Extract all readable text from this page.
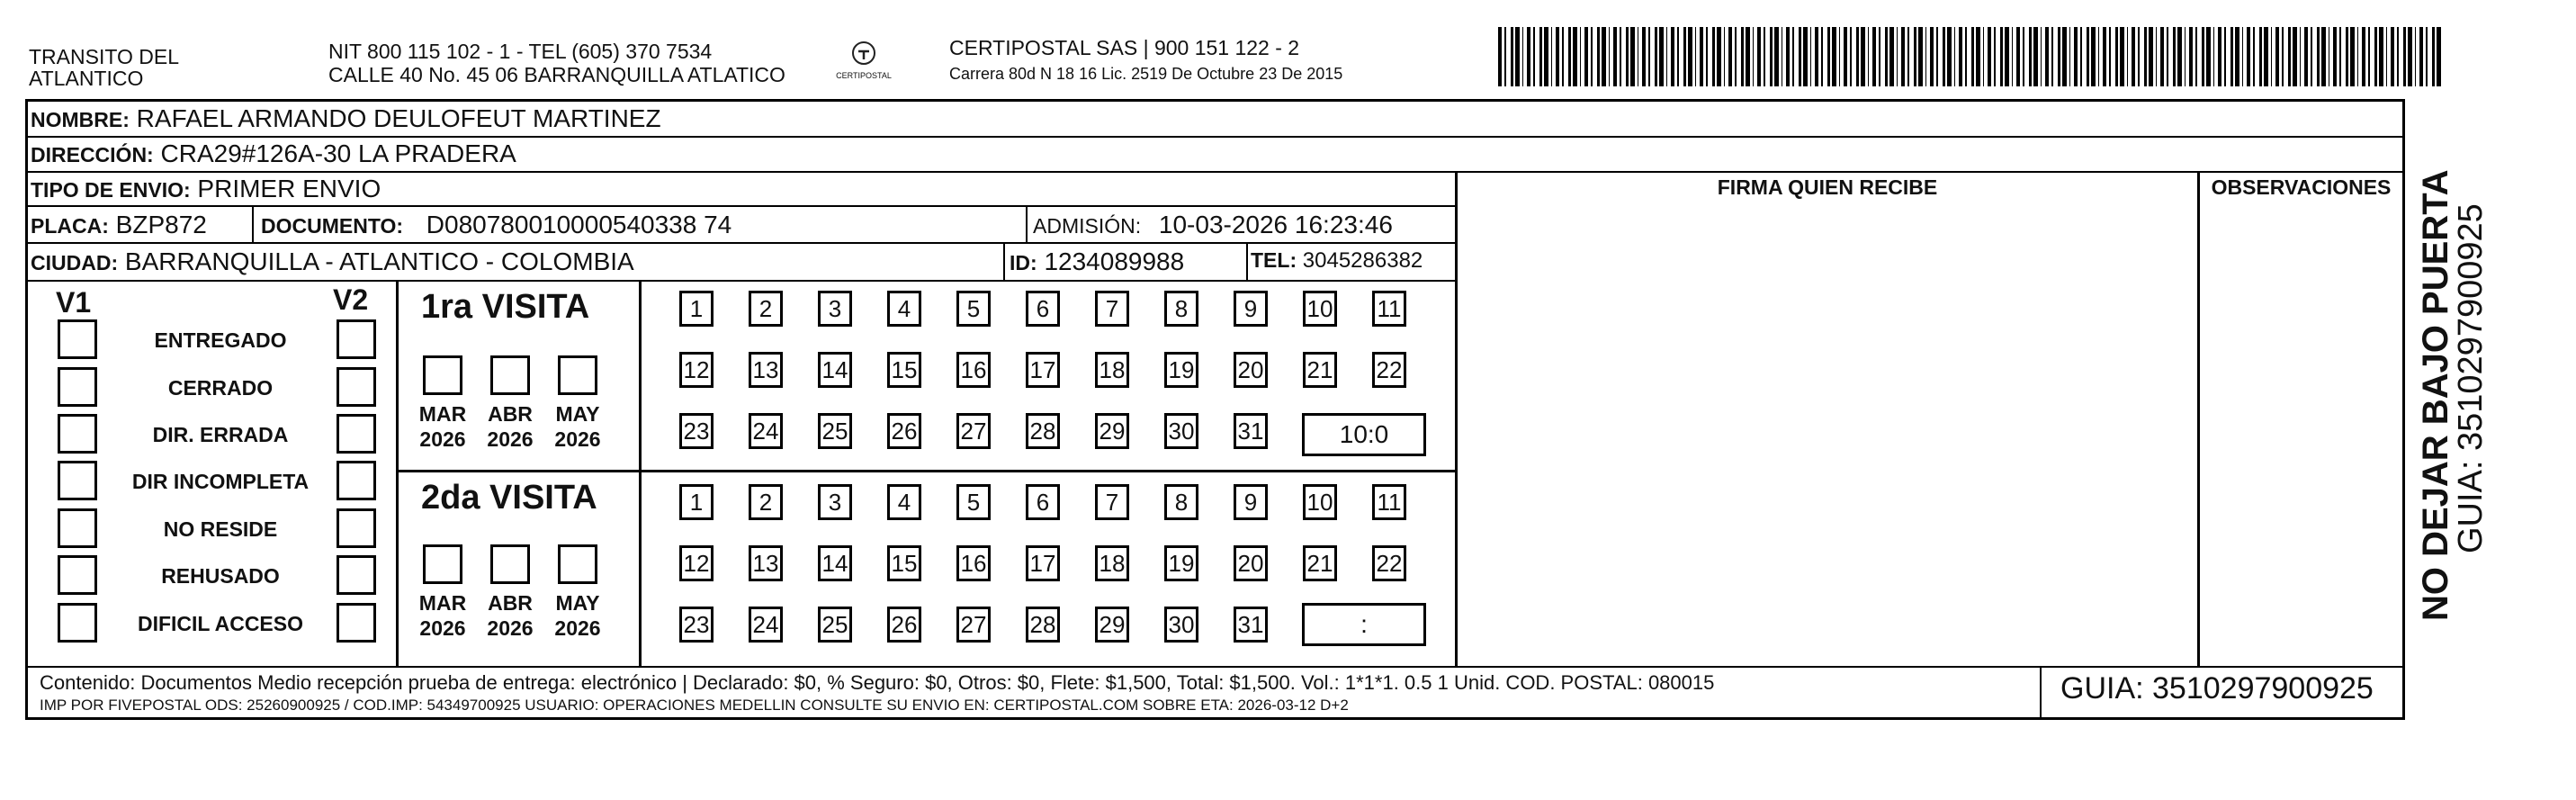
TRANSITO DEL
ATLANTICO
NIT 800 115 102 - 1 - TEL (605) 370 7534
CALLE 40 No. 45 06 BARRANQUILLA ATLATICO	CERTIPOSTAL
CERTIPOSTAL SAS | 900 151 122 - 2
Carrera 80d N 18 16 Lic. 2519 De Octubre 23 De 2015
NOMBRE: RAFAEL ARMANDO DEULOFEUT MARTINEZ
DIRECCIÓN: CRA29#126A-30 LA PRADERA
TIPO DE ENVIO: PRIMER ENVIO
PLACA: BZP872	DOCUMENTO: D080780010000540338 74	ADMISIÓN: 10-03-2026 16:23:46
CIUDAD: BARRANQUILLA - ATLANTICO - COLOMBIA	ID: 1234089988	TEL: 3045286382
FIRMA QUIEN RECIBE	OBSERVACIONES
V1	V2
ENTREGADO
CERRADO
DIR. ERRADA
DIR INCOMPLETA
NO RESIDE
REHUSADO
DIFICIL ACCESO
1ra VISITA
2da VISITA
MAR
2026
ABR
2026
MAY
2026
MAR
2026
ABR
2026
MAY
2026
1	2	3	4	5	6	7	8	9	10 11
12 13 14 15 16 17 18 19 20 21 22
23 24 25 26 27 28 29 30 31
1	2	3	4	5	6	7	8	9	10 11
12 13 14 15 16 17 18 19 20 21 22
23 24 25 26 27 28 29 30 31
10:0
:
Contenido: Documentos Medio recepción prueba de entrega: electrónico | Declarado: $0, % Seguro: $0, Otros: $0, Flete: $1,500, Total: $1,500. Vol.: 1*1*1. 0.5 1 Unid. COD. POSTAL: 080015
IMP POR FIVEPOSTAL ODS: 25260900925 / COD.IMP: 54349700925 USUARIO: OPERACIONES MEDELLIN CONSULTE SU ENVIO EN: CERTIPOSTAL.COM SOBRE ETA: 2026-03-12 D+2	GUIA: 3510297900925
NO DEJAR BAJO PUERTA
GUIA: 3510297900925
